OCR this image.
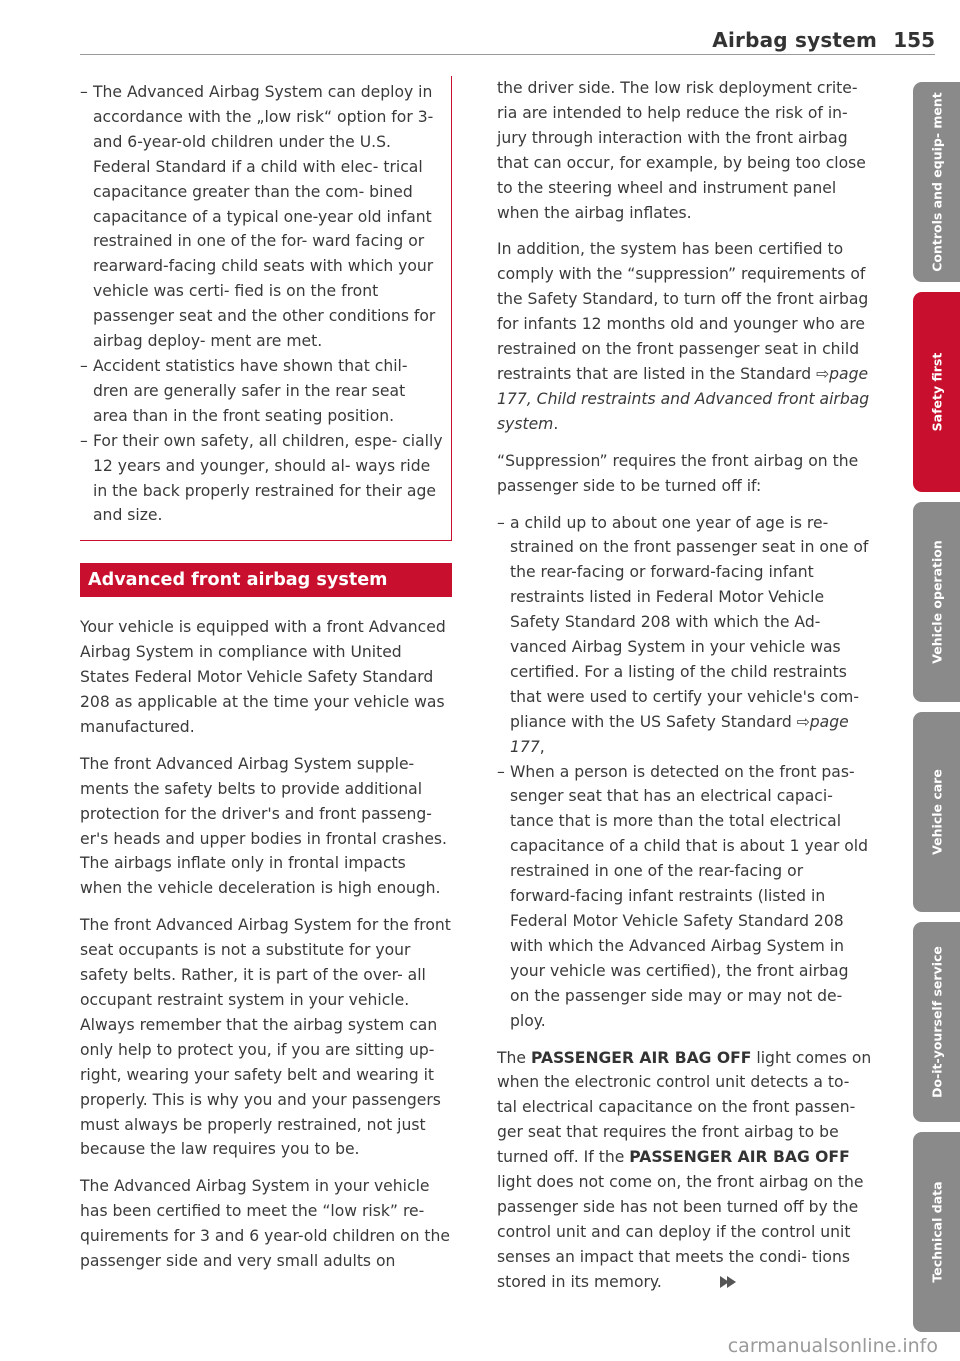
Airbag system 155
– The Advanced Airbag System can deploy in accordance with the „low risk“ option for 3- and 6-year-old children under the U.S. Federal Standard if a child with elec- trical capacitance greater than the com- bined capacitance of a typical one-year old infant restrained in one of the for- ward facing or rearward-facing child seats with which your vehicle was certi- fied is on the front passenger seat and the other conditions for airbag deploy- ment are met.
– Accident statistics have shown that chil- dren are generally safer in the rear seat area than in the front seating position.
– For their own safety, all children, espe- cially 12 years and younger, should al- ways ride in the back properly restrained for their age and size.
Advanced front airbag system

Your vehicle is equipped with a front Advanced Airbag System in compliance with United States Federal Motor Vehicle Safety Standard 208 as applicable at the time your vehicle was manufactured.

The front Advanced Airbag System supple- ments the safety belts to provide additional protection for the driver's and front passeng- er's heads and upper bodies in frontal crashes. The airbags inflate only in frontal impacts when the vehicle deceleration is high enough.

The front Advanced Airbag System for the front seat occupants is not a substitute for your safety belts. Rather, it is part of the over- all occupant restraint system in your vehicle. Always remember that the airbag system can only help to protect you, if you are sitting up- right, wearing your safety belt and wearing it properly. This is why you and your passengers must always be properly restrained, not just because the law requires you to be.

The Advanced Airbag System in your vehicle has been certified to meet the “low risk” re- quirements for 3 and 6 year-old children on the passenger side and very small adults on

the driver side. The low risk deployment crite- ria are intended to help reduce the risk of in- jury through interaction with the front airbag that can occur, for example, by being too close to the steering wheel and instrument panel when the airbag inflates.

In addition, the system has been certified to comply with the “suppression” requirements of the Safety Standard, to turn off the front airbag for infants 12 months old and younger who are restrained on the front passenger seat in child restraints that are listed in the Standard ⇨page 177, Child restraints and Advanced front airbag system.

“Suppression” requires the front airbag on the passenger side to be turned off if:

– a child up to about one year of age is re- strained on the front passenger seat in one of the rear-facing or forward-facing infant restraints listed in Federal Motor Vehicle Safety Standard 208 with which the Ad- vanced Airbag System in your vehicle was certified. For a listing of the child restraints that were used to certify your vehicle's com- pliance with the US Safety Standard ⇨page 177,
– When a person is detected on the front pas- senger seat that has an electrical capaci- tance that is more than the total electrical capacitance of a child that is about 1 year old restrained in one of the rear-facing or forward-facing infant restraints (listed in Federal Motor Vehicle Safety Standard 208 with which the Advanced Airbag System in your vehicle was certified), the front airbag on the passenger side may or may not de- ploy.

The PASSENGER AIR BAG OFF light comes on when the electronic control unit detects a to- tal electrical capacitance on the front passen- ger seat that requires the front airbag to be turned off. If the PASSENGER AIR BAG OFF light does not come on, the front airbag on the passenger side has not been turned off by the control unit and can deploy if the control unit senses an impact that meets the condi- tions stored in its memory.

Controls and equip- ment
Safety first
Vehicle operation
Vehicle care
Do-it-yourself service
Technical data
carmanualsonline.info
